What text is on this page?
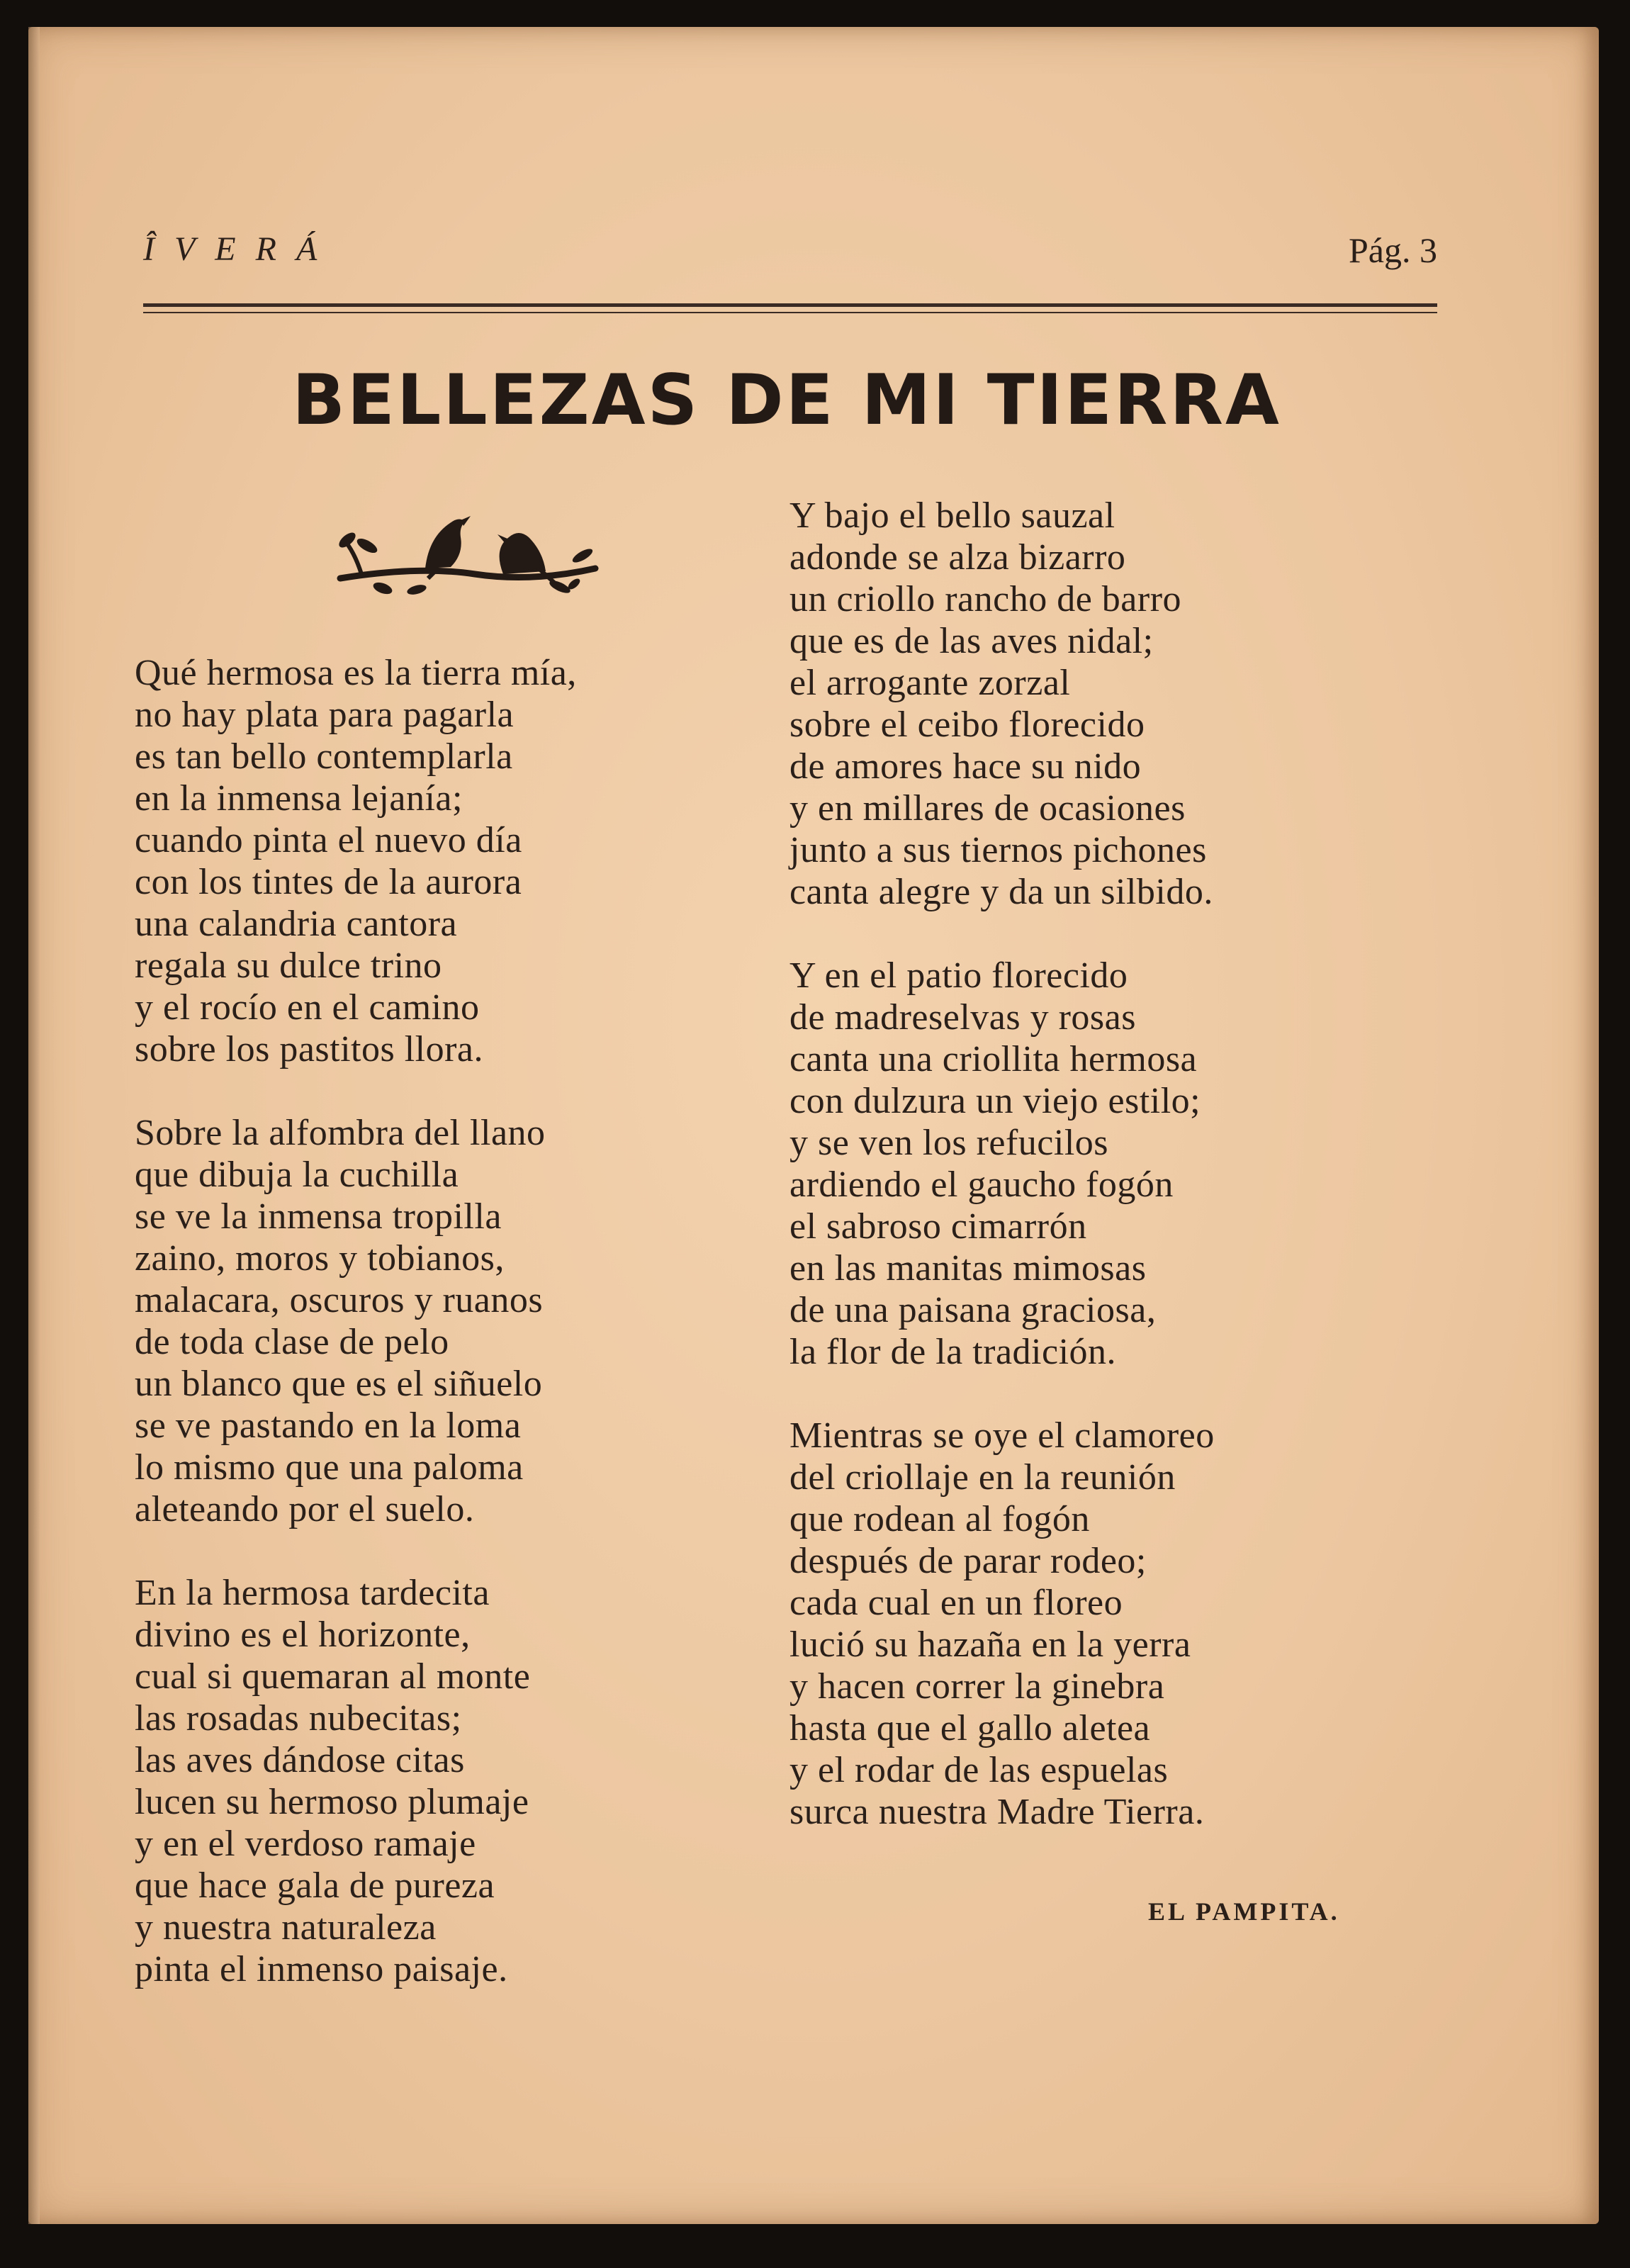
ÎVERÁ	Pág. 3
BELLEZAS DE MI TIERRA
Qué hermosa es la tierra mía,
no hay plata para pagarla
es tan bello contemplarla
en la inmensa lejanía;
cuando pinta el nuevo día
con los tintes de la aurora
una calandria cantora
regala su dulce trino
y el rocío en el camino
sobre los pastitos llora.
Sobre la alfombra del llano
que dibuja la cuchilla
se ve la inmensa tropilla
zaino, moros y tobianos,
malacara, oscuros y ruanos
de toda clase de pelo
un blanco que es el siñuelo
se ve pastando en la loma
lo mismo que una paloma
aleteando por el suelo.
En la hermosa tardecita
divino es el horizonte,
cual si quemaran al monte
las rosadas nubecitas;
las aves dándose citas
lucen su hermoso plumaje
y en el verdoso ramaje
que hace gala de pureza
y nuestra naturaleza
pinta el inmenso paisaje.
Y bajo el bello sauzal
adonde se alza bizarro
un criollo rancho de barro
que es de las aves nidal;
el arrogante zorzal
sobre el ceibo florecido
de amores hace su nido
y en millares de ocasiones
junto a sus tiernos pichones
canta alegre y da un silbido.
Y en el patio florecido
de madreselvas y rosas
canta una criollita hermosa
con dulzura un viejo estilo;
y se ven los refucilos
ardiendo el gaucho fogón
el sabroso cimarrón
en las manitas mimosas
de una paisana graciosa,
la flor de la tradición.
Mientras se oye el clamoreo
del criollaje en la reunión
que rodean al fogón
después de parar rodeo;
cada cual en un floreo
lució su hazaña en la yerra
y hacen correr la ginebra
hasta que el gallo aletea
y el rodar de las espuelas
surca nuestra Madre Tierra.
EL PAMPITA.
